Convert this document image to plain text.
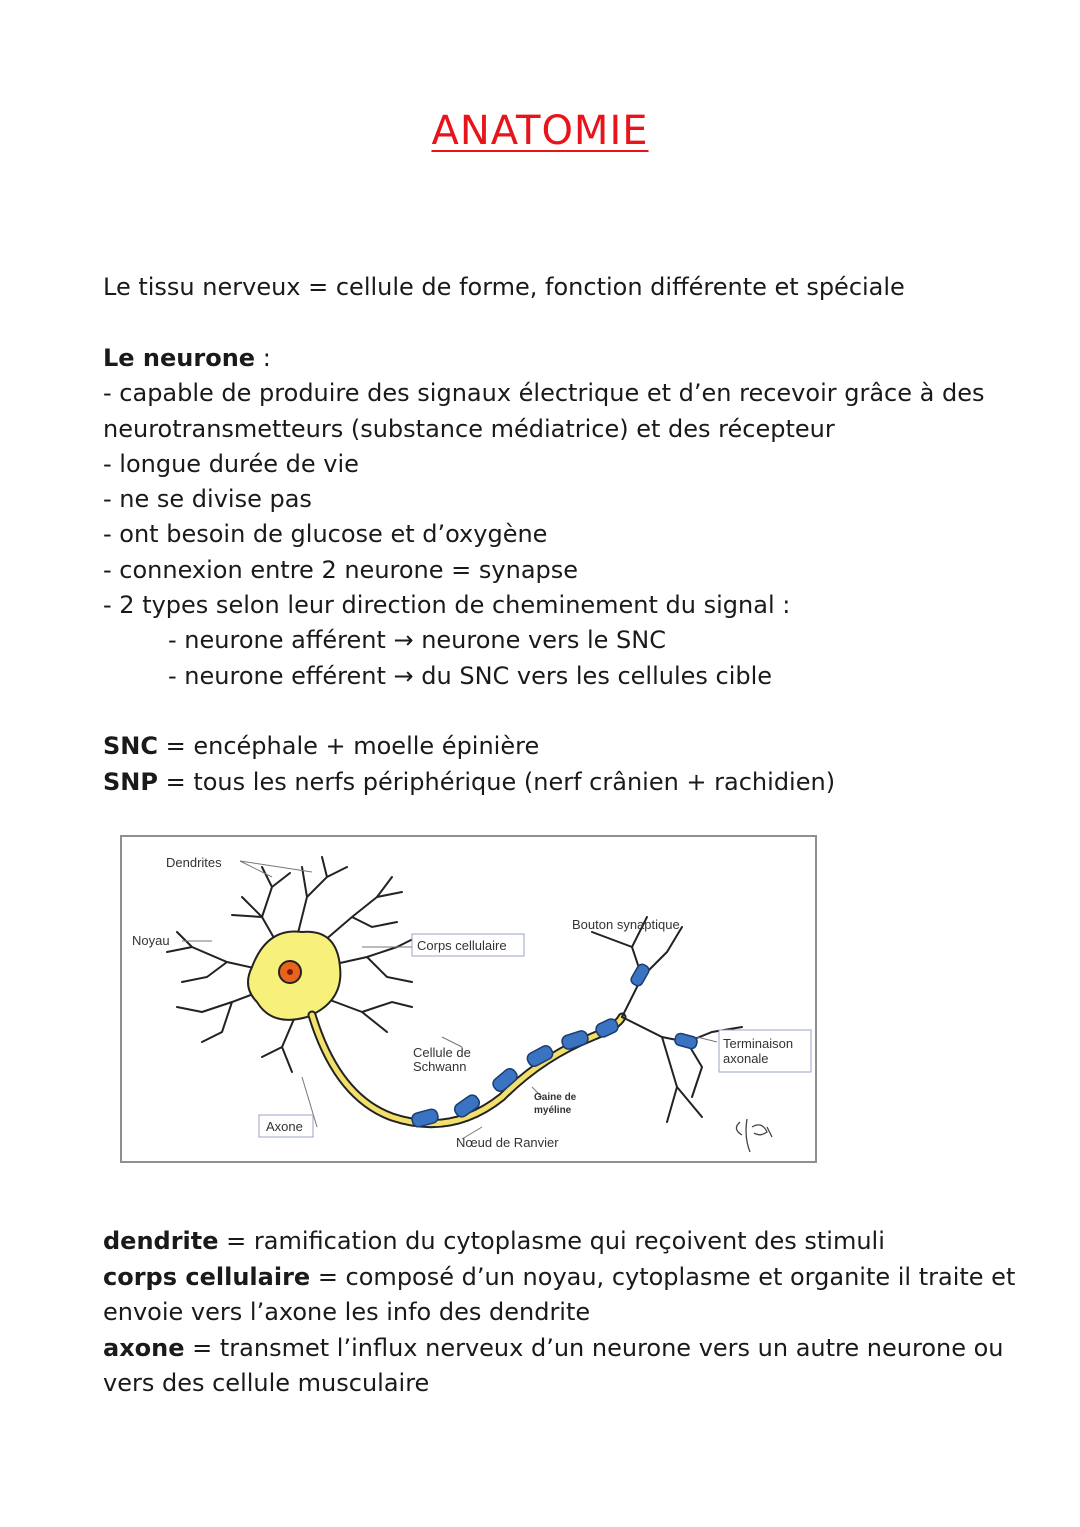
ANATOMIE
Le tissu nerveux = cellule de forme, fonction différente et spéciale
Le neurone :
- capable de produire des signaux électrique et d’en recevoir grâce à des
neurotransmetteurs (substance médiatrice) et des récepteur
- longue durée de vie
- ne se divise pas
- ont besoin de glucose et d’oxygène
- connexion entre 2 neurone = synapse
- 2 types selon leur direction de cheminement du signal :
- neurone afférent → neurone vers le SNC
- neurone efférent → du SNC vers les cellules cible
SNC = encéphale + moelle épinière
SNP = tous les nerfs périphérique (nerf crânien + rachidien)
Dendrites
Noyau	Corps cellulaire
Bouton synaptique
Cellule de
Schwann
Gaine de
myéline
Terminaison
axonale
Axone
Nœud de Ranvier
dendrite = ramification du cytoplasme qui reçoivent des stimuli
corps cellulaire = composé d’un noyau, cytoplasme et organite il traite et
envoie vers l’axone les info des dendrite
axone = transmet l’influx nerveux d’un neurone vers un autre neurone ou
vers des cellule musculaire
